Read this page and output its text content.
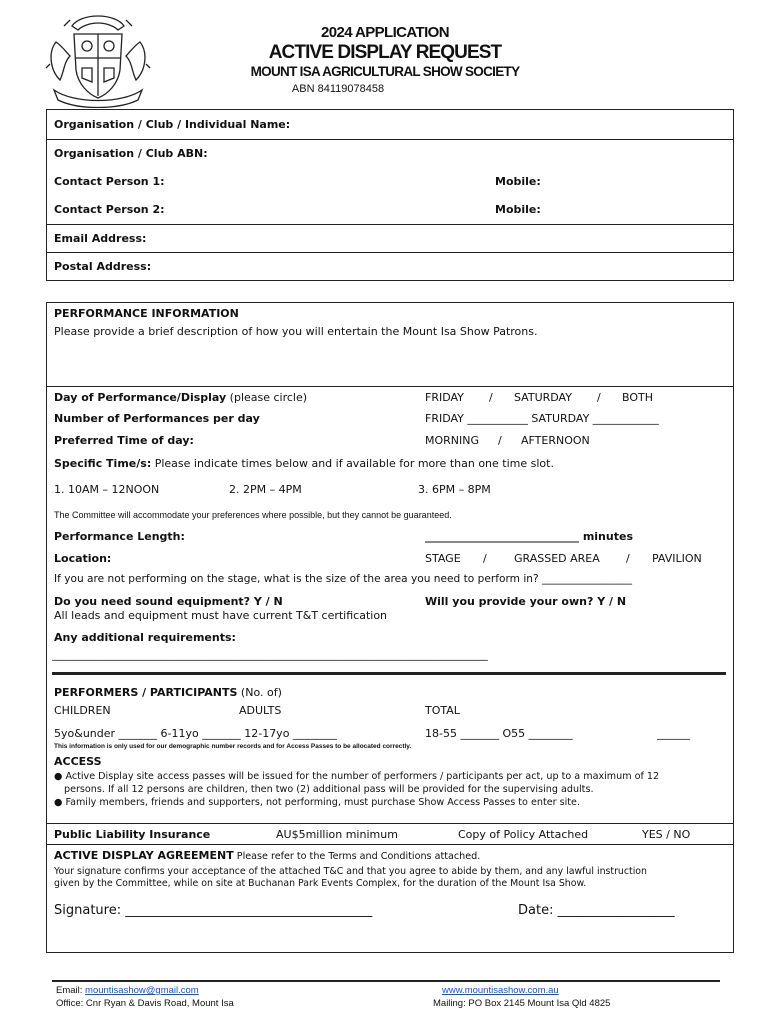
2024 APPLICATION
ACTIVE DISPLAY REQUEST
MOUNT ISA AGRICULTURAL SHOW SOCIETY
ABN 84119078458
Organisation / Club / Individual Name:
Organisation / Club ABN:
Contact Person 1:	Mobile:
Contact Person 2:	Mobile:
Email Address:
Postal Address:
PERFORMANCE INFORMATION
Please provide a brief description of how you will entertain the Mount Isa Show Patrons.
Day of Performance/Display (please circle)	FRIDAY / SATURDAY / BOTH
Number of Performances per day	FRIDAY ___________ SATURDAY ____________
Preferred Time of day:	MORNING / AFTERNOON
Specific Time/s: Please indicate times below and if available for more than one time slot.
1. 10AM – 12NOON	2. 2PM – 4PM	3. 6PM – 8PM
The Committee will accommodate your preferences where possible, but they cannot be guaranteed.
Performance Length:	____________________________ minutes
Location:	STAGE / GRASSED AREA / PAVILION
If you are not performing on the stage, what is the size of the area you need to perform in? _________________
Do you need sound equipment? Y / N
All leads and equipment must have current T&T certification
Will you provide your own? Y / N
Any additional requirements:
___________________________________________________________________________________
PERFORMERS / PARTICIPANTS (No. of)
CHILDREN	ADULTS	TOTAL
5yo&under _______ 6-11yo _______ 12-17yo ________	18-55 _______ O55 ________	______
This information is only used for our demographic number records and for Access Passes to be allocated correctly.
ACCESS
● Active Display site access passes will be issued for the number of performers / participants per act, up to a maximum of 12
persons. If all 12 persons are children, then two (2) additional pass will be provided for the supervising adults.
● Family members, friends and supporters, not performing, must purchase Show Access Passes to enter site.
Public Liability Insurance	AU$5million minimum	Copy of Policy Attached	YES / NO
ACTIVE DISPLAY AGREEMENT Please refer to the Terms and Conditions attached.
Your signature confirms your acceptance of the attached T&C and that you agree to abide by them, and any lawful instruction
given by the Committee, while on site at Buchanan Park Events Complex, for the duration of the Mount Isa Show.
Signature: ______________________________________	Date: __________________
Email: mountisashow@gmail.com
Office: Cnr Ryan & Davis Road, Mount Isa
www.mountisashow.com.au
Mailing: PO Box 2145 Mount Isa Qld 4825
